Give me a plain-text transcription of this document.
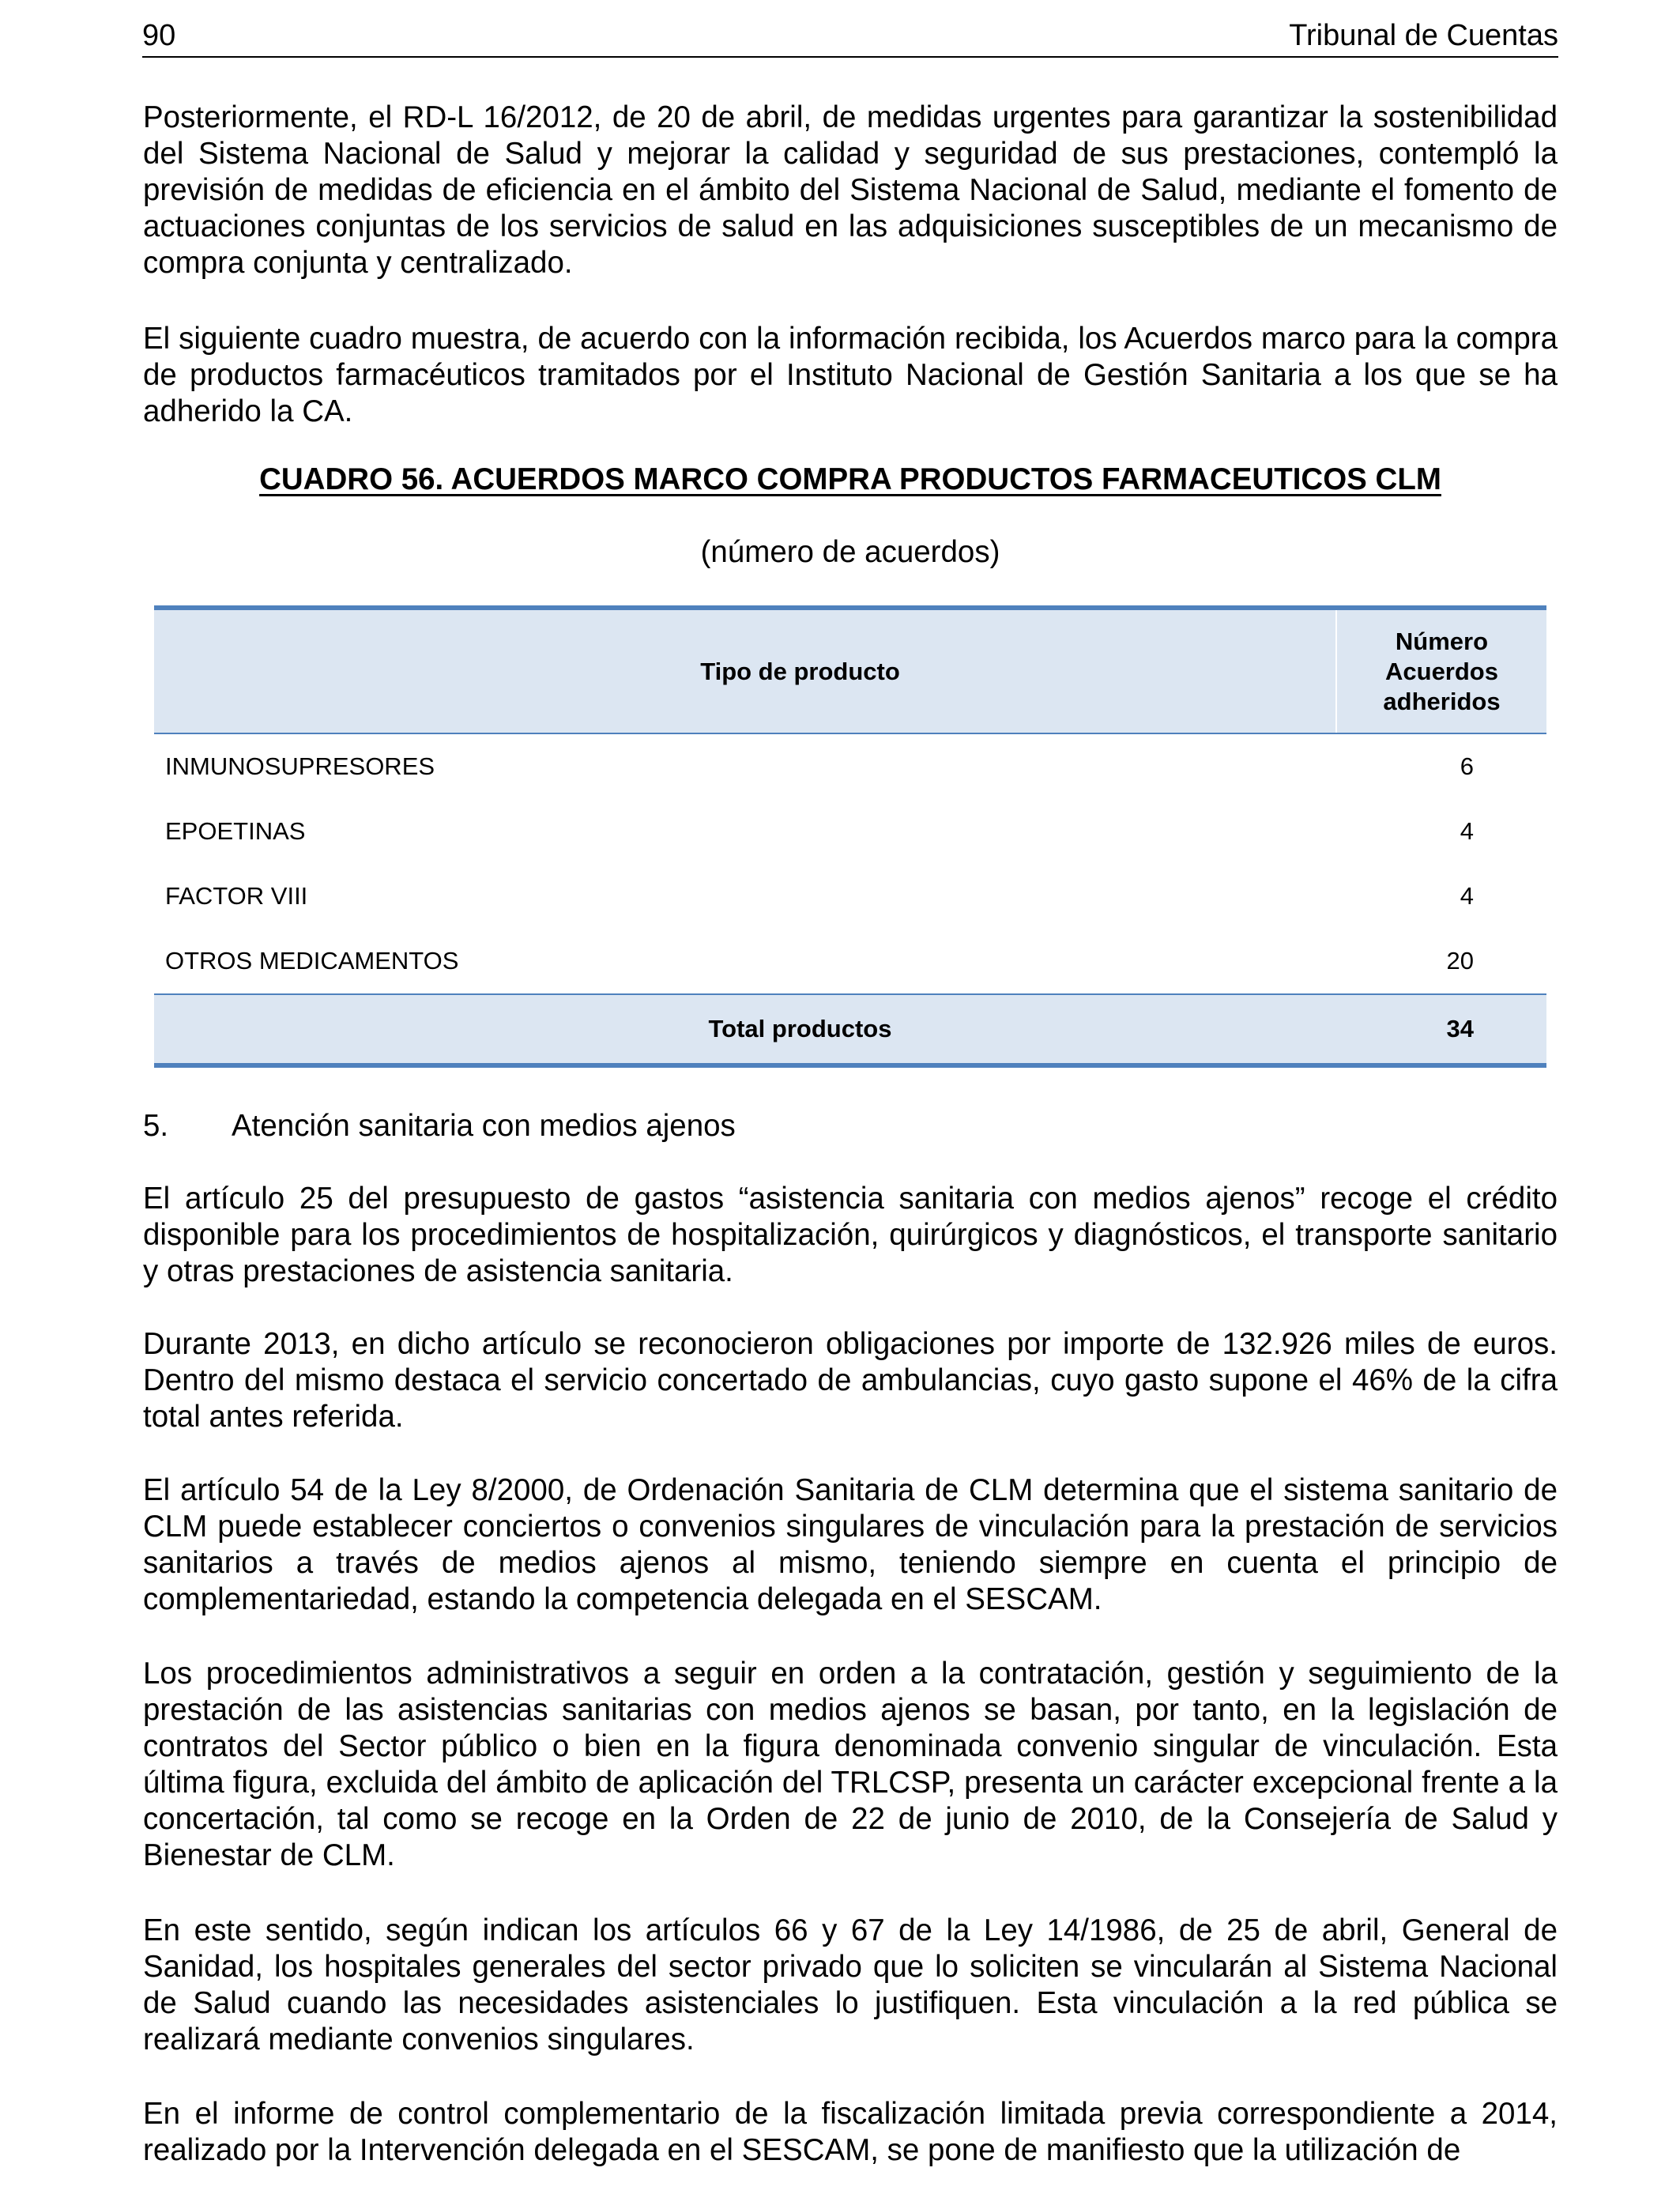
90	Tribunal de Cuentas

Posteriormente, el RD-L 16/2012, de 20 de abril, de medidas urgentes para garantizar la sostenibilidad del Sistema Nacional de Salud y mejorar la calidad y seguridad de sus prestaciones, contempló la previsión de medidas de eficiencia en el ámbito del Sistema Nacional de Salud, mediante el fomento de actuaciones conjuntas de los servicios de salud en las adquisiciones susceptibles de un mecanismo de compra conjunta y centralizado.

El siguiente cuadro muestra, de acuerdo con la información recibida, los Acuerdos marco para la compra de productos farmacéuticos tramitados por el Instituto Nacional de Gestión Sanitaria a los que se ha adherido la CA.

CUADRO 56. ACUERDOS MARCO COMPRA PRODUCTOS FARMACEUTICOS CLM
(número de acuerdos)
Tipo de producto	Número
Acuerdos
adheridos

INMUNOSUPRESORES	6
EPOETINAS	4
FACTOR VIII	4
OTROS MEDICAMENTOS	20
Total productos	34
5. Atención sanitaria con medios ajenos

El artículo 25 del presupuesto de gastos “asistencia sanitaria con medios ajenos” recoge el crédito disponible para los procedimientos de hospitalización, quirúrgicos y diagnósticos, el transporte sanitario y otras prestaciones de asistencia sanitaria.

Durante 2013, en dicho artículo se reconocieron obligaciones por importe de 132.926 miles de euros. Dentro del mismo destaca el servicio concertado de ambulancias, cuyo gasto supone el 46% de la cifra total antes referida.

El artículo 54 de la Ley 8/2000, de Ordenación Sanitaria de CLM determina que el sistema sanitario de CLM puede establecer conciertos o convenios singulares de vinculación para la prestación de servicios sanitarios a través de medios ajenos al mismo, teniendo siempre en cuenta el principio de complementariedad, estando la competencia delegada en el SESCAM.

Los procedimientos administrativos a seguir en orden a la contratación, gestión y seguimiento de la prestación de las asistencias sanitarias con medios ajenos se basan, por tanto, en la legislación de contratos del Sector público o bien en la figura denominada convenio singular de vinculación. Esta última figura, excluida del ámbito de aplicación del TRLCSP, presenta un carácter excepcional frente a la concertación, tal como se recoge en la Orden de 22 de junio de 2010, de la Consejería de Salud y Bienestar de CLM.

En este sentido, según indican los artículos 66 y 67 de la Ley 14/1986, de 25 de abril, General de Sanidad, los hospitales generales del sector privado que lo soliciten se vincularán al Sistema Nacional de Salud cuando las necesidades asistenciales lo justifiquen. Esta vinculación a la red pública se realizará mediante convenios singulares.

En el informe de control complementario de la fiscalización limitada previa correspondiente a 2014, realizado por la Intervención delegada en el SESCAM, se pone de manifiesto que la utilización de
